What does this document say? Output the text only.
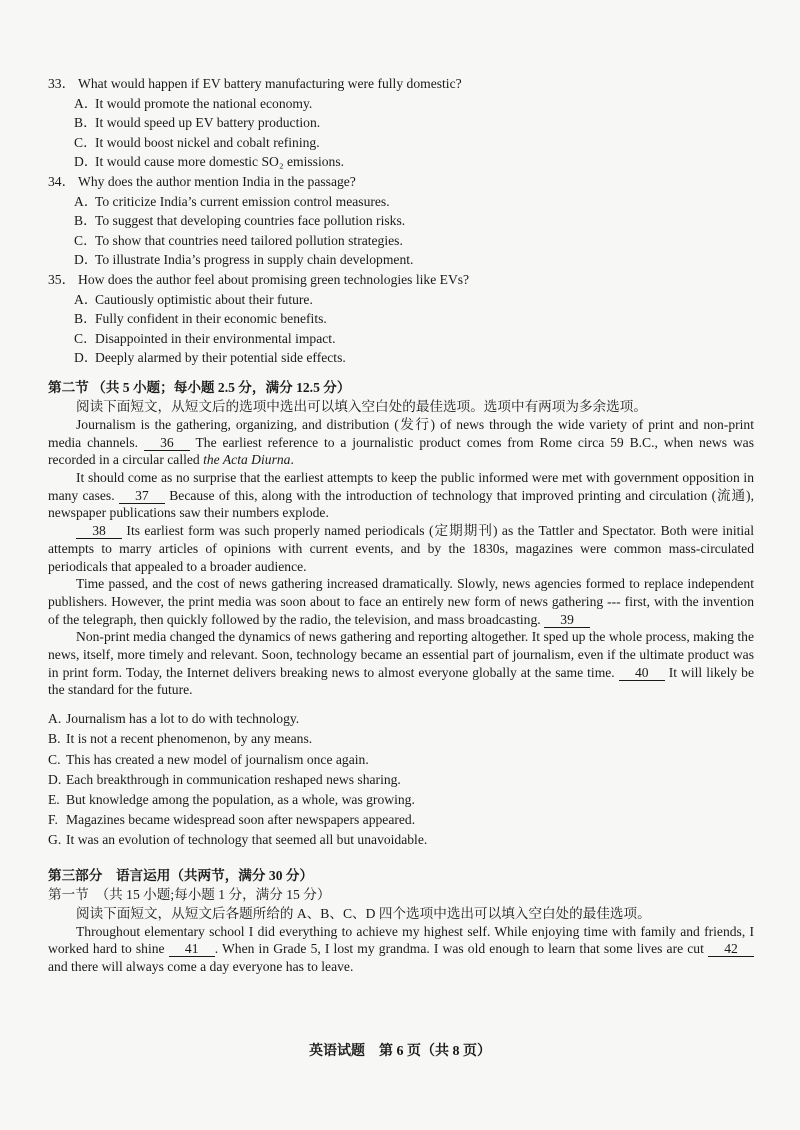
33． What would happen if EV battery manufacturing were fully domestic?
A．It would promote the national economy.
B．It would speed up EV battery production.
C．It would boost nickel and cobalt refining.
D．It would cause more domestic SO₂ emissions.
34． Why does the author mention India in the passage?
A．To criticize India’s current emission control measures.
B．To suggest that developing countries face pollution risks.
C．To show that countries need tailored pollution strategies.
D．To illustrate India’s progress in supply chain development.
35． How does the author feel about promising green technologies like EVs?
A．Cautiously optimistic about their future.
B．Fully confident in their economic benefits.
C．Disappointed in their environmental impact.
D．Deeply alarmed by their potential side effects.
第二节 （共 5 小题；每小题 2.5 分，满分 12.5 分）
阅读下面短文，从短文后的选项中选出可以填入空白处的最佳选项。选项中有两项为多余选项。

Journalism is the gathering, organizing, and distribution (发行) of news through the wide variety of print and non-print media channels. 36 The earliest reference to a journalistic product comes from Rome circa 59 B.C., when news was recorded in a circular called the Acta Diurna.

It should come as no surprise that the earliest attempts to keep the public informed were met with government opposition in many cases. 37 Because of this, along with the introduction of technology that improved printing and circulation (流通), newspaper publications saw their numbers explode.

38 Its earliest form was such properly named periodicals (定期期刊) as the Tattler and Spectator. Both were initial attempts to marry articles of opinions with current events, and by the 1830s, magazines were common mass-circulated periodicals that appealed to a broader audience.

Time passed, and the cost of news gathering increased dramatically. Slowly, news agencies formed to replace independent publishers. However, the print media was soon about to face an entirely new form of news gathering --- first, with the invention of the telegraph, then quickly followed by the radio, the television, and mass broadcasting. 39

Non-print media changed the dynamics of news gathering and reporting altogether. It sped up the whole process, making the news, itself, more timely and relevant. Soon, technology became an essential part of journalism, even if the ultimate product was in print form. Today, the Internet delivers breaking news to almost everyone globally at the same time. 40 It will likely be the standard for the future.

A. Journalism has a lot to do with technology.
B. It is not a recent phenomenon, by any means.
C. This has created a new model of journalism once again.
D. Each breakthrough in communication reshaped news sharing.
E. But knowledge among the population, as a whole, was growing.
F. Magazines became widespread soon after newspapers appeared.
G. It was an evolution of technology that seemed all but unavoidable.
第三部分　语言运用（共两节，满分 30 分）
第一节　（共 15 小题;每小题 1 分，满分 15 分）
阅读下面短文，从短文后各题所给的 A、B、C、D 四个选项中选出可以填入空白处的最佳选项。

Throughout elementary school I did everything to achieve my highest self. While enjoying time with family and friends, I worked hard to shine 41 . When in Grade 5, I lost my grandma. I was old enough to learn that some lives are cut 42 and there will always come a day everyone has to leave.

英语试题　第 6 页（共 8 页）
